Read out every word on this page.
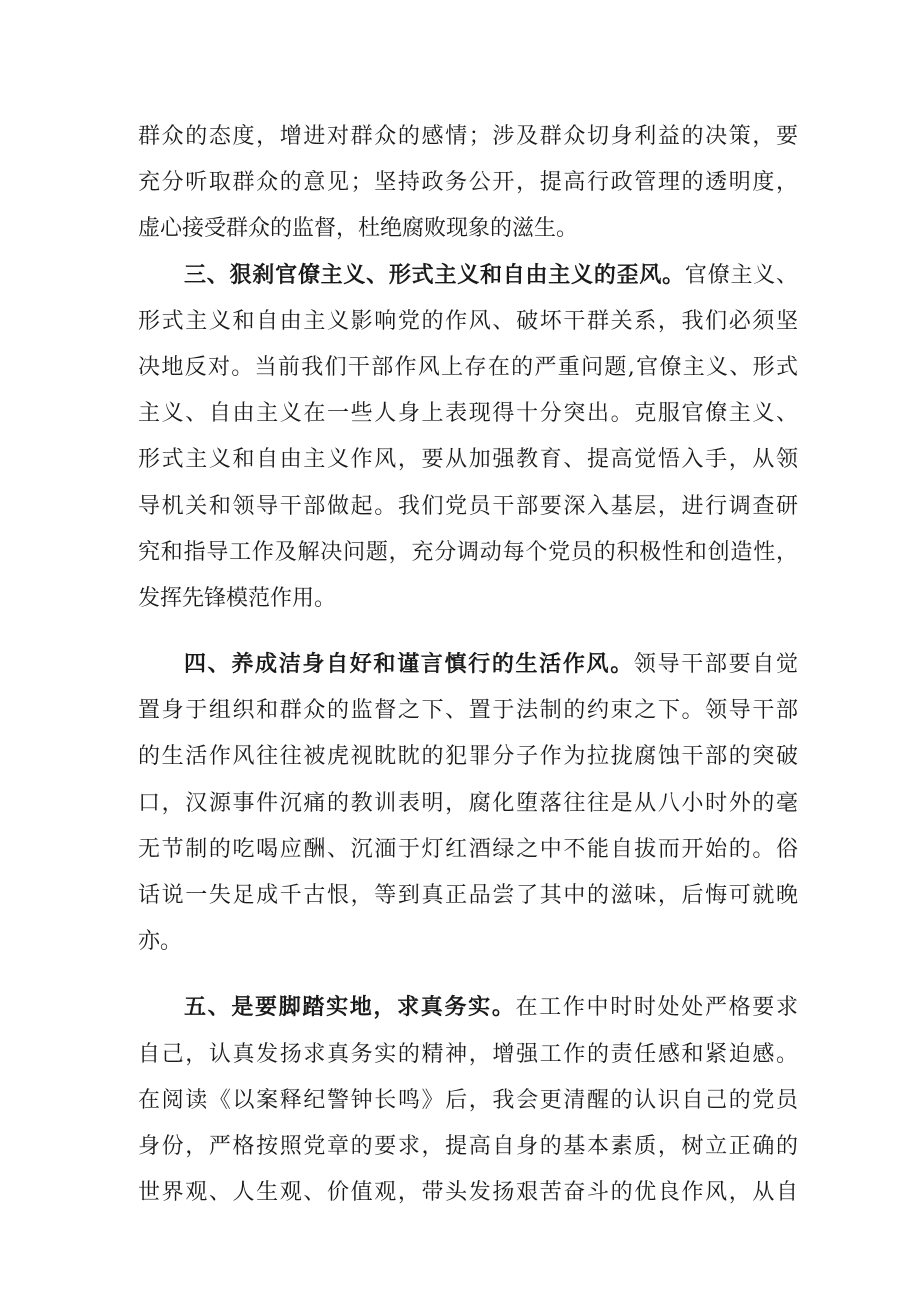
群众的态度，增进对群众的感情；涉及群众切身利益的决策，要
充分听取群众的意见；坚持政务公开，提高行政管理的透明度，
虚心接受群众的监督，杜绝腐败现象的滋生。
三、狠刹官僚主义、形式主义和自由主义的歪风。官僚主义、
形式主义和自由主义影响党的作风、破坏干群关系，我们必须坚
决地反对。当前我们干部作风上存在的严重问题,官僚主义、形式
主义、自由主义在一些人身上表现得十分突出。克服官僚主义、
形式主义和自由主义作风，要从加强教育、提高觉悟入手，从领
导机关和领导干部做起。我们党员干部要深入基层，进行调查研
究和指导工作及解决问题，充分调动每个党员的积极性和创造性，
发挥先锋模范作用。
四、养成洁身自好和谨言慎行的生活作风。领导干部要自觉
置身于组织和群众的监督之下、置于法制的约束之下。领导干部
的生活作风往往被虎视眈眈的犯罪分子作为拉拢腐蚀干部的突破
口，汉源事件沉痛的教训表明，腐化堕落往往是从八小时外的毫
无节制的吃喝应酬、沉湎于灯红酒绿之中不能自拔而开始的。俗
话说一失足成千古恨，等到真正品尝了其中的滋味，后悔可就晚
亦。
五、是要脚踏实地，求真务实。在工作中时时处处严格要求
自己，认真发扬求真务实的精神，增强工作的责任感和紧迫感。
在阅读《以案释纪警钟长鸣》后，我会更清醒的认识自己的党员
身份，严格按照党章的要求，提高自身的基本素质，树立正确的
世界观、人生观、价值观，带头发扬艰苦奋斗的优良作风，从自
